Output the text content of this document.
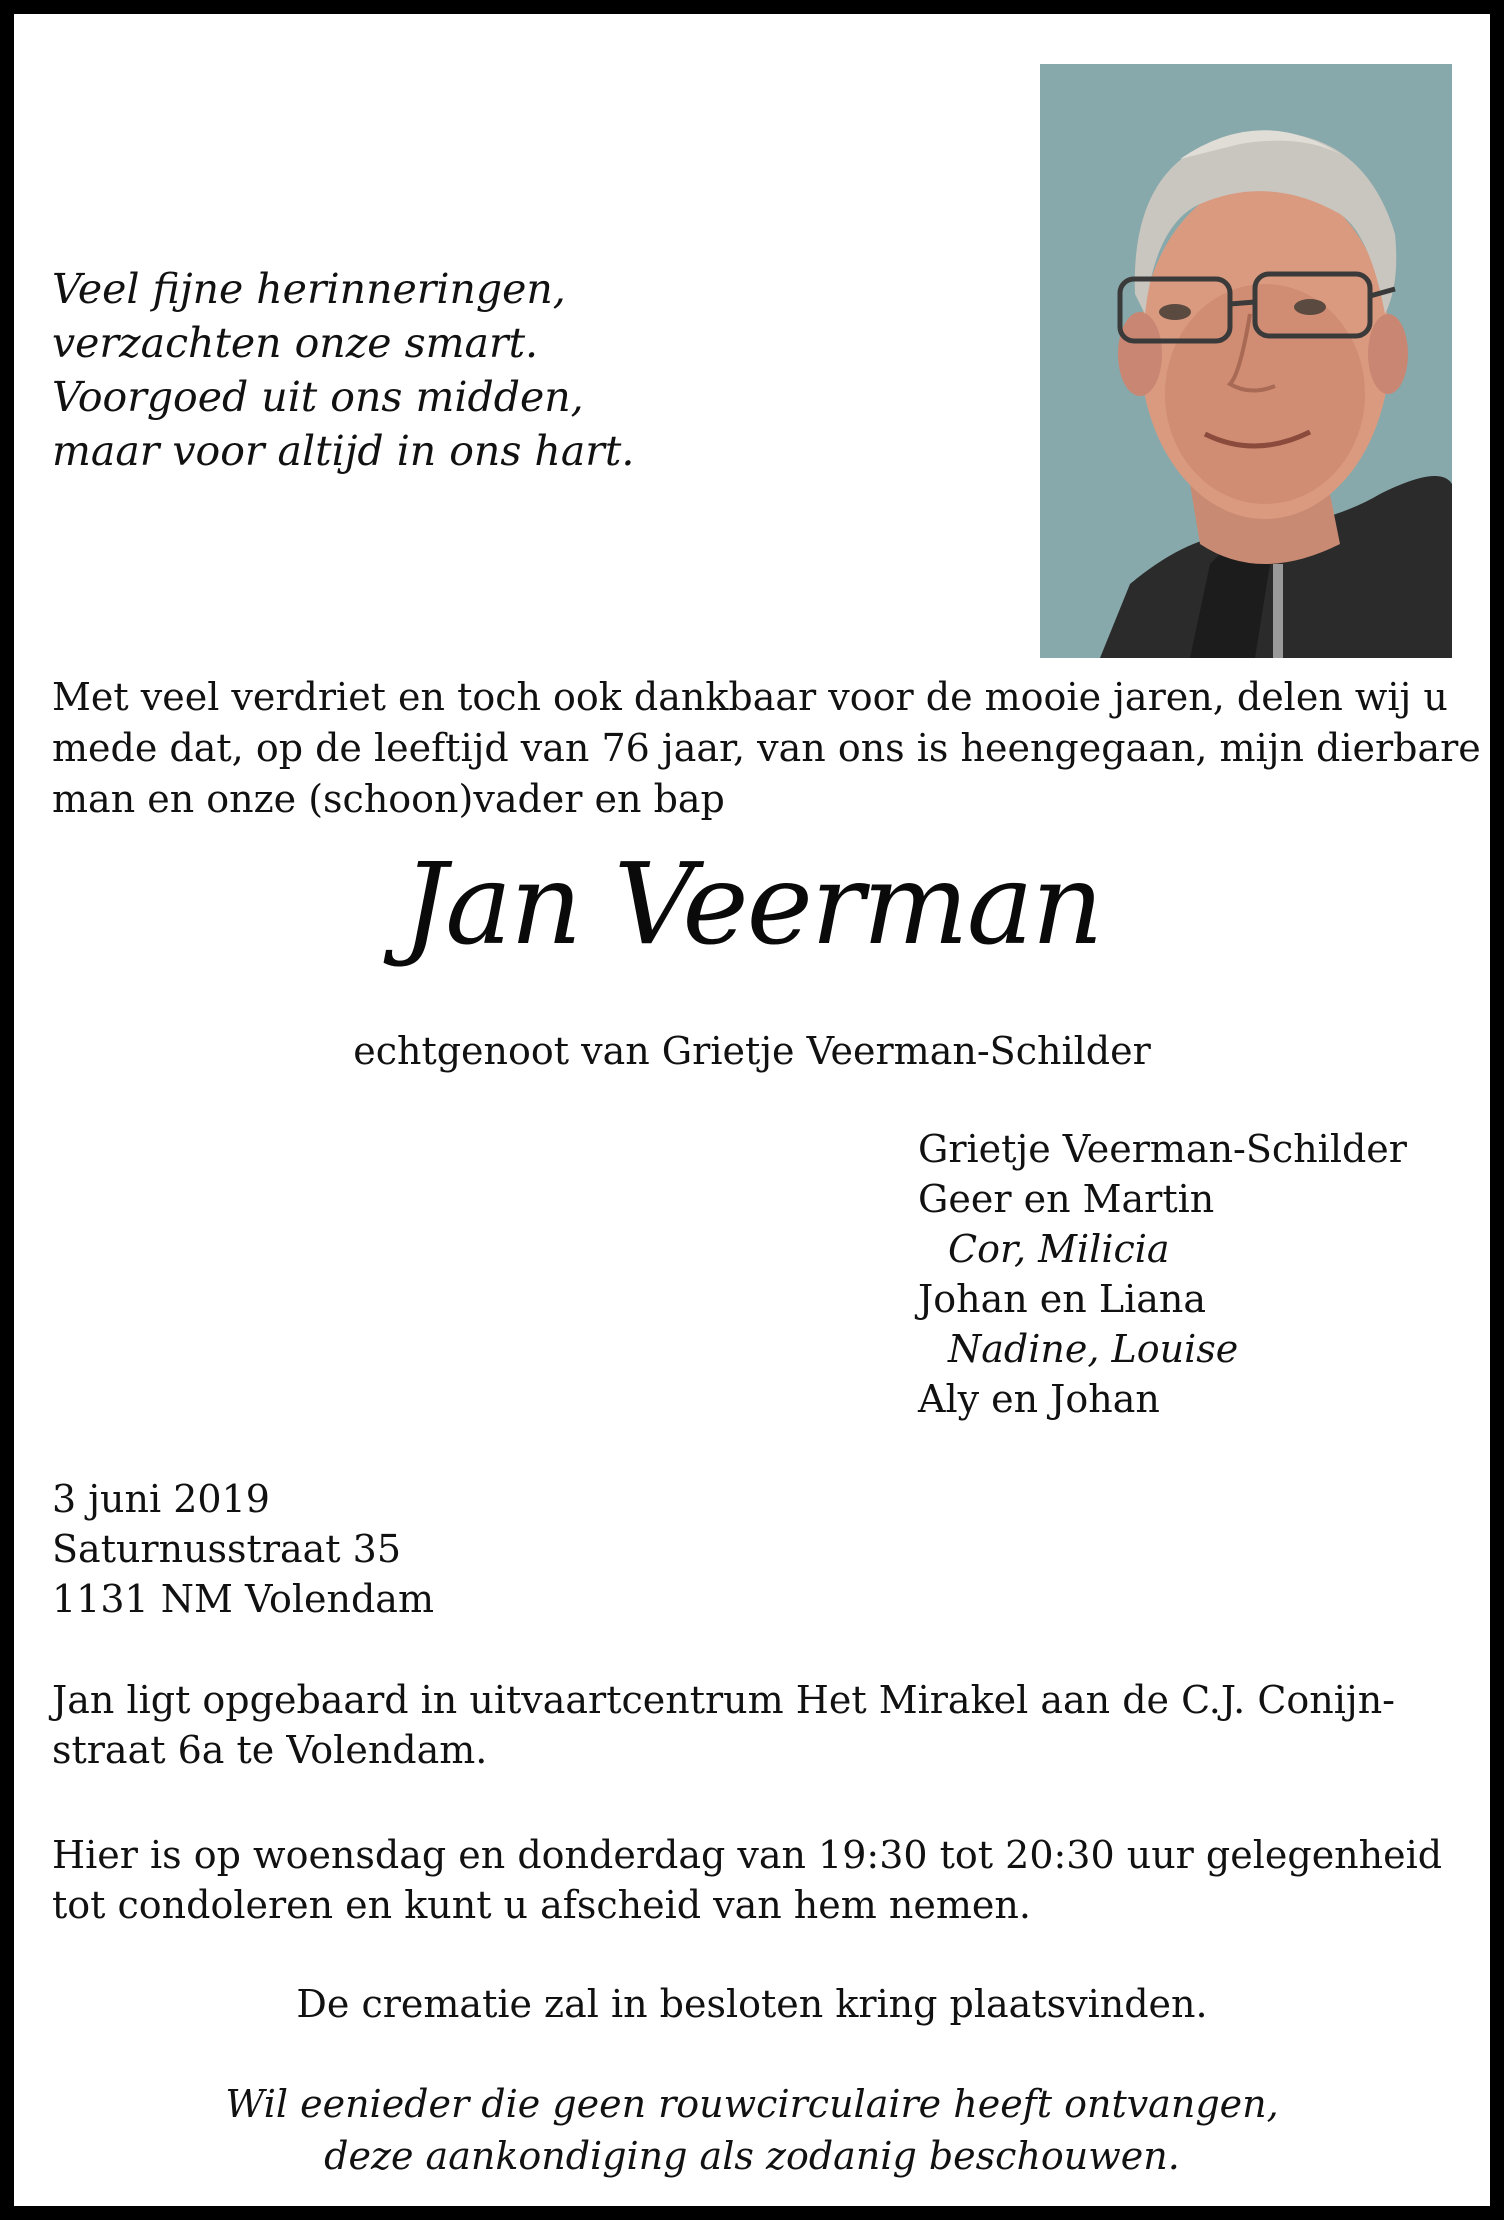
Veel fijne herinneringen,
verzachten onze smart.
Voorgoed uit ons midden,
maar voor altijd in ons hart.
Met veel verdriet en toch ook dankbaar voor de mooie jaren, delen wij u
mede dat, op de leeftijd van 76 jaar, van ons is heengegaan, mijn dierbare
man en onze (schoon)vader en bap
Jan Veerman
echtgenoot van Grietje Veerman-Schilder
Grietje Veerman-Schilder
Geer en Martin
Cor, Milicia
Johan en Liana
Nadine, Louise
Aly en Johan
3 juni 2019
Saturnusstraat 35
1131 NM Volendam
Jan ligt opgebaard in uitvaartcentrum Het Mirakel aan de C.J. Conijn-
straat 6a te Volendam.
Hier is op woensdag en donderdag van 19:30 tot 20:30 uur gelegenheid
tot condoleren en kunt u afscheid van hem nemen.
De crematie zal in besloten kring plaatsvinden.
Wil eenieder die geen rouwcirculaire heeft ontvangen,
deze aankondiging als zodanig beschouwen.
